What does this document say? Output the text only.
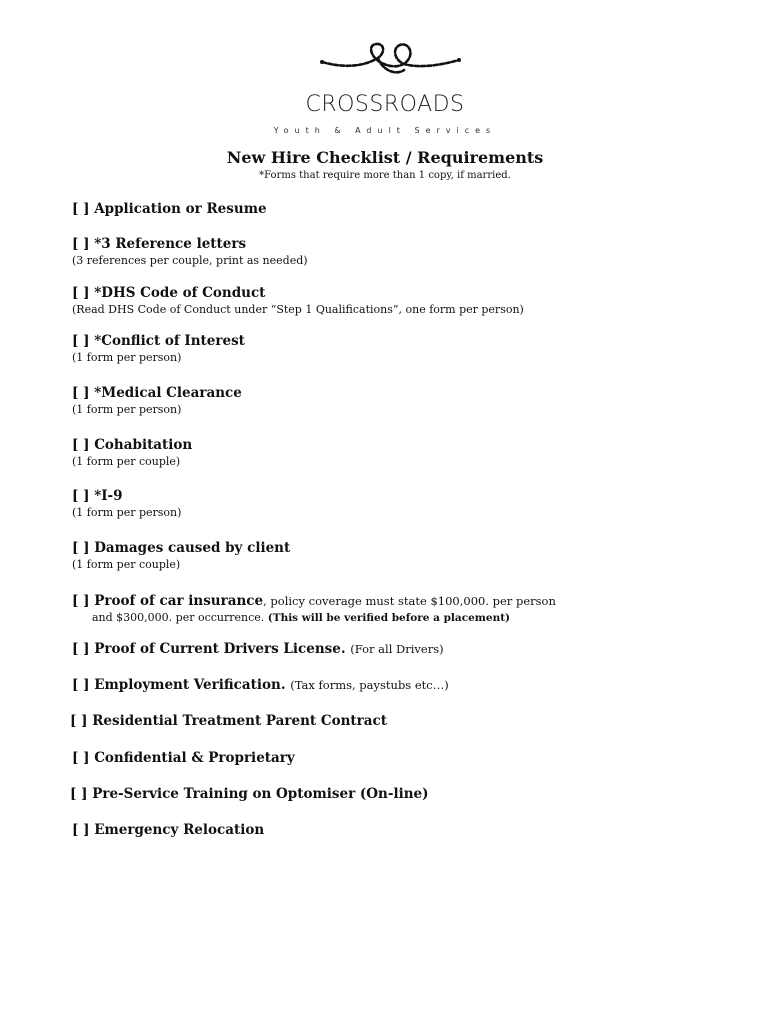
CROSSROADS
Youth & Adult Services
New Hire Checklist / Requirements
*Forms that require more than 1 copy, if married.
[ ] Application or Resume
[ ] *3 Reference letters
(3 references per couple, print as needed)
[ ] *DHS Code of Conduct
(Read DHS Code of Conduct under “Step 1 Qualifications”, one form per person)
[ ] *Conflict of Interest
(1 form per person)
[ ] *Medical Clearance
(1 form per person)
[ ] Cohabitation
(1 form per couple)
[ ] *I-9
(1 form per person)
[ ] Damages caused by client
(1 form per couple)
[ ] Proof of car insurance, policy coverage must state $100,000. per person
and $300,000. per occurrence. (This will be verified before a placement)
[ ] Proof of Current Drivers License. (For all Drivers)
[ ] Employment Verification. (Tax forms, paystubs etc…)
[ ] Residential Treatment Parent Contract
[ ] Confidential & Proprietary
[ ] Pre-Service Training on Optomiser (On-line)
[ ] Emergency Relocation
